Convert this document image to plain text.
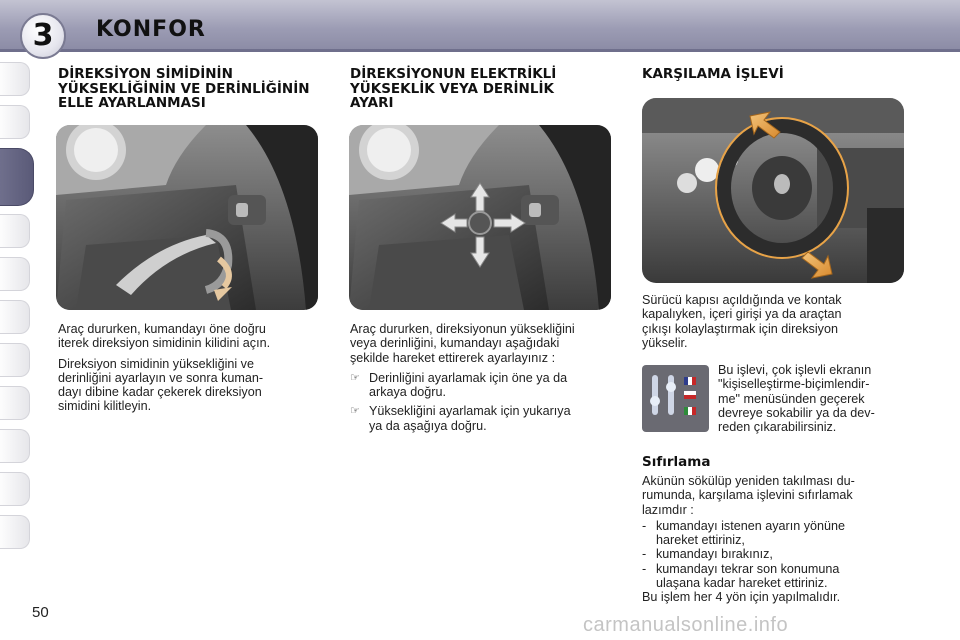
3	KONFOR
DİREKSİYON SİMİDİNİN
YÜKSEKLİĞİNİN VE DERİNLİĞİNİN
ELLE AYARLANMASI

Araç dururken, kumandayı öne doğru
iterek direksiyon simidinin kilidini açın.

Direksiyon simidinin yüksekliğini ve
derinliğini ayarlayın ve sonra kuman-
dayı dibine kadar çekerek direksiyon
simidini kilitleyin.

DİREKSİYONUN ELEKTRİKLİ
YÜKSEKLİK VEYA DERİNLİK
AYARI

Araç dururken, direksiyonun yüksekliğini
veya derinliğini, kumandayı aşağıdaki
şekilde hareket ettirerek ayarlayınız :

☞ Derinliğini ayarlamak için öne ya da
arkaya doğru.
☞ Yüksekliğini ayarlamak için yukarıya
ya da aşağıya doğru.
KARŞILAMA İŞLEVİ
Sürücü kapısı açıldığında ve kontak
kapalıyken, içeri girişi ya da araçtan
çıkışı kolaylaştırmak için direksiyon
yükselir.
Bu işlevi, çok işlevli ekranın
"kişiselleştirme-biçimlendir-
me" menüsünden geçerek
devreye sokabilir ya da dev-
reden çıkarabilirsiniz.
Sıfırlama
Akünün sökülüp yeniden takılması du-
rumunda, karşılama işlevini sıfırlamak
lazımdır :
- kumandayı istenen ayarın yönüne
hareket ettiriniz,
- kumandayı bırakınız,
- kumandayı tekrar son konumuna
ulaşana kadar hareket ettiriniz.
Bu işlem her 4 yön için yapılmalıdır.
50
carmanualsonline.info
